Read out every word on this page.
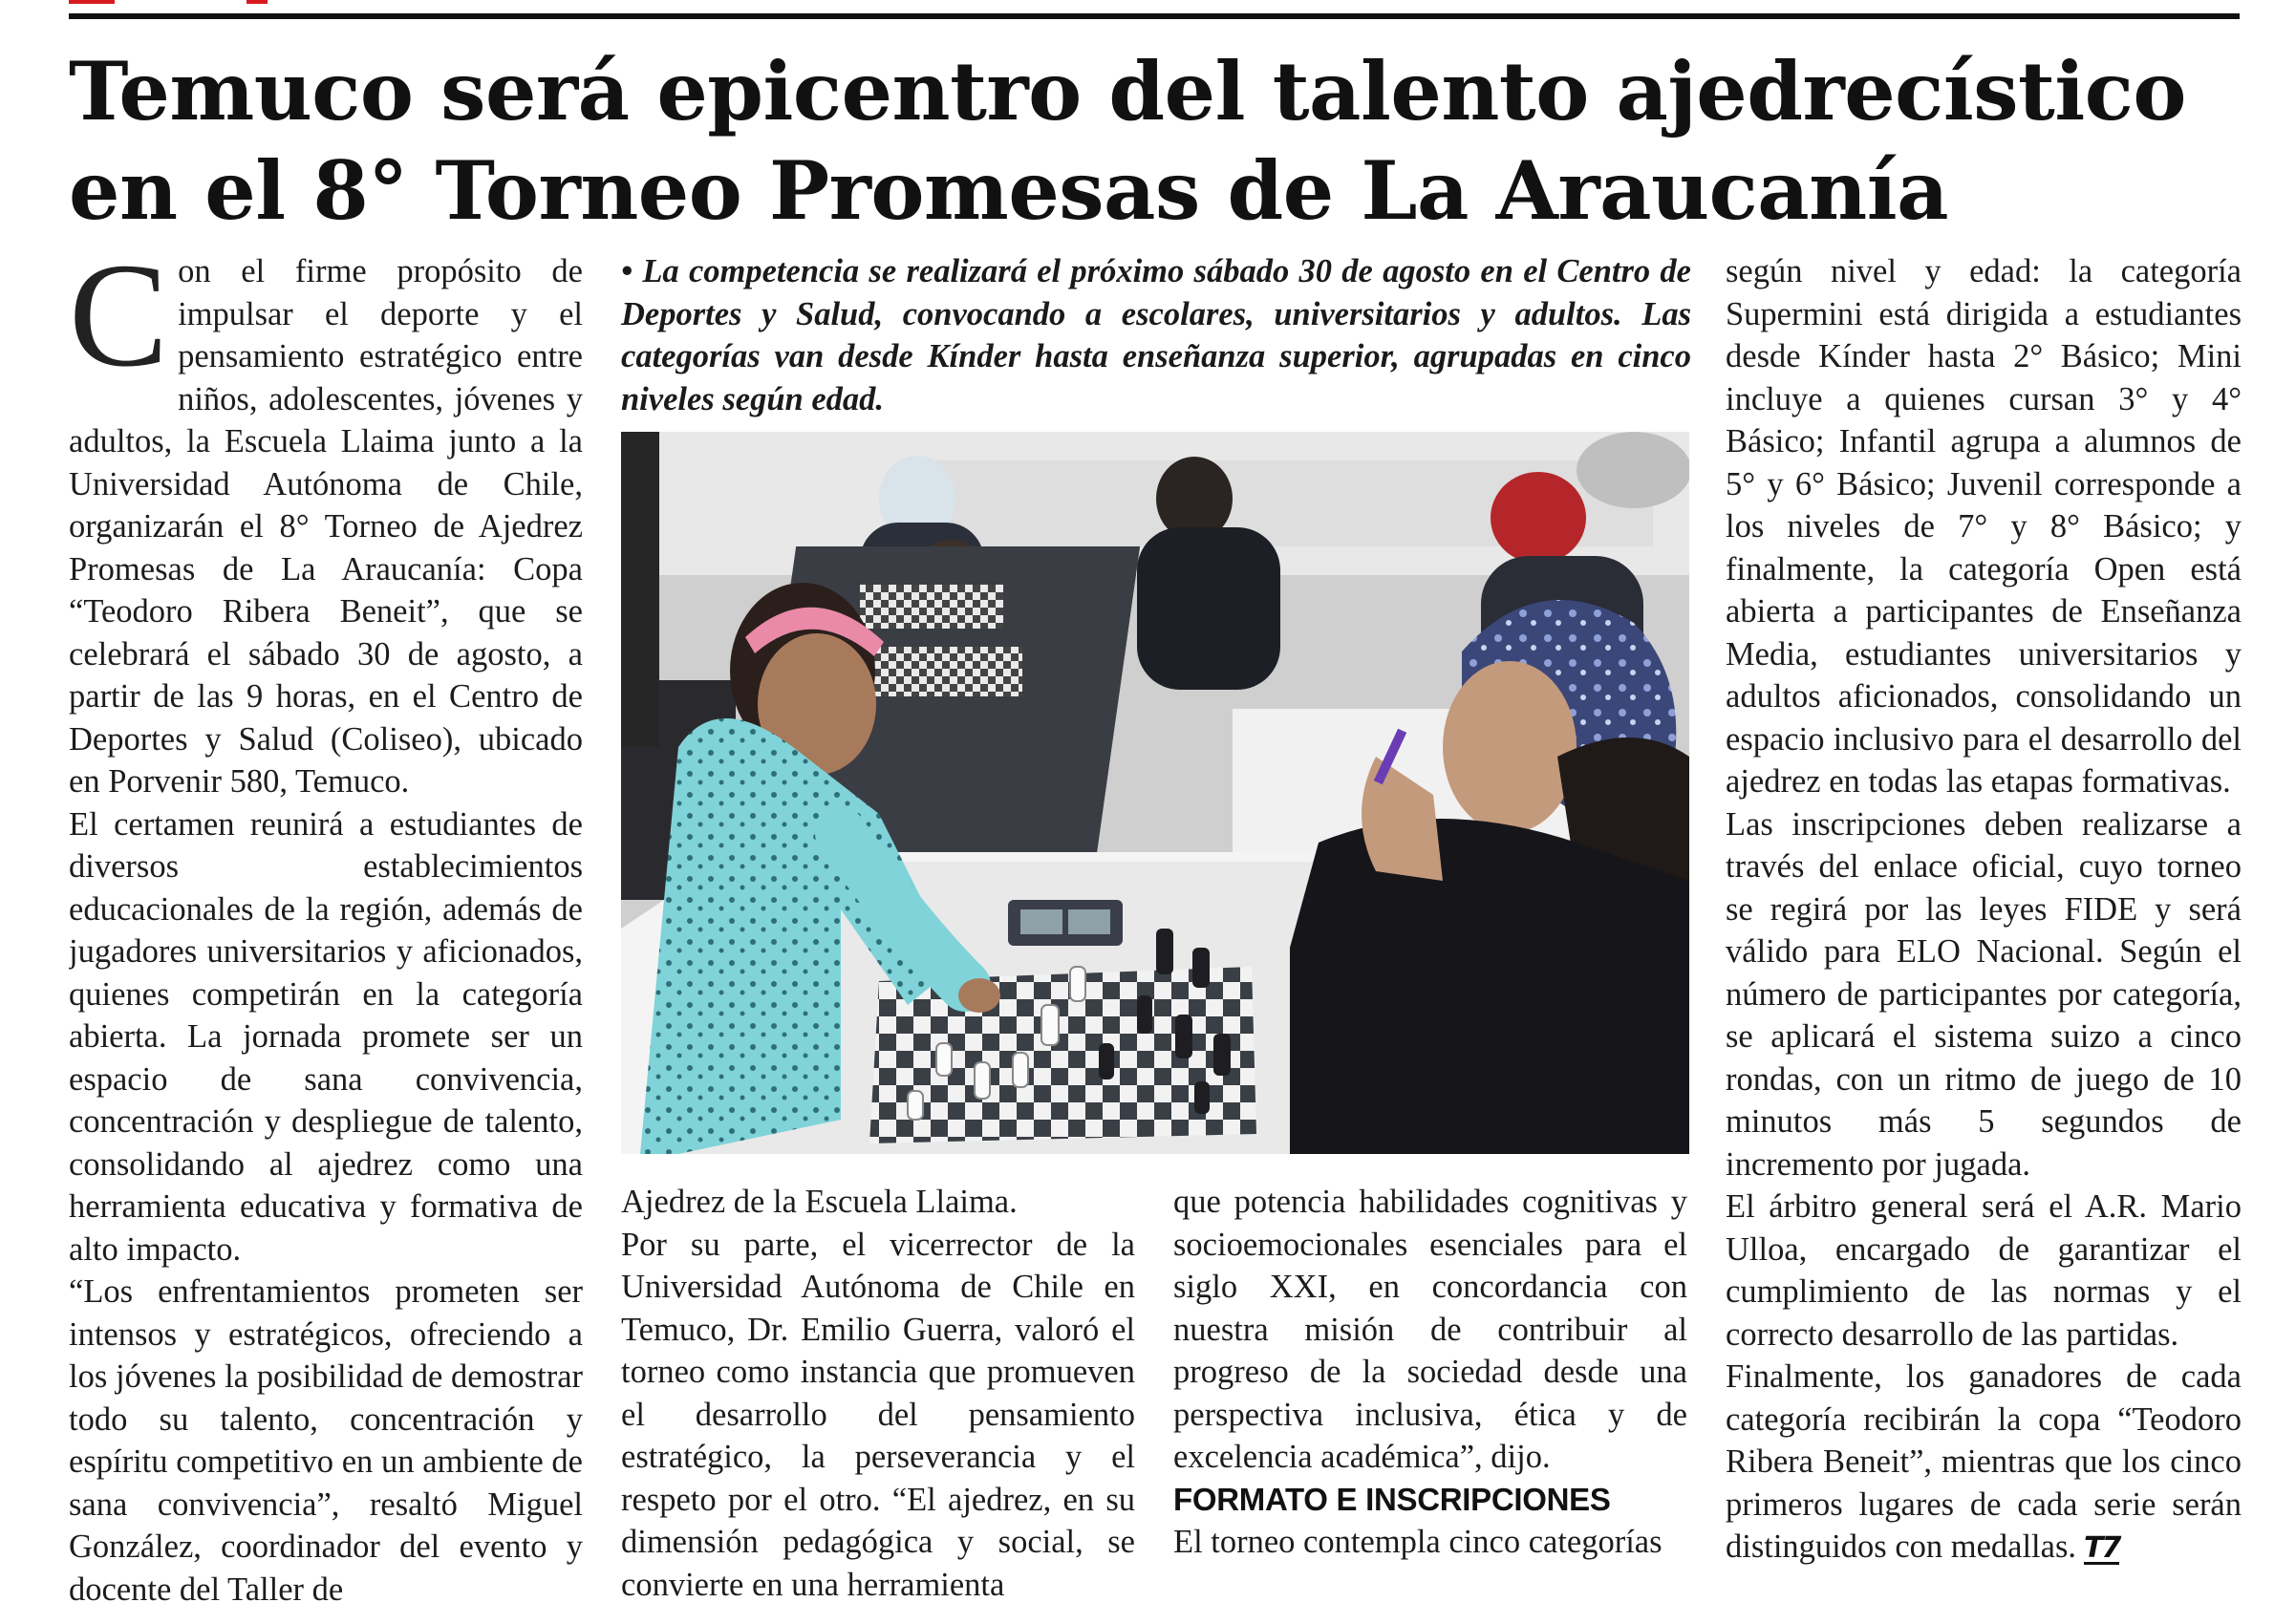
Temuco será epicentro del talento ajedrecístico
en el 8° Torneo Promesas de La Araucanía

Con el firme propósito de impulsar el deporte y el pensamiento estratégico entre niños, adolescentes, jóvenes y adultos, la Escuela Llaima junto a la Universidad Autónoma de Chile, organizarán el 8° Torneo de Ajedrez Promesas de La Araucanía: Copa “Teodoro Ribera Beneit”, que se celebrará el sábado 30 de agosto, a partir de las 9 horas, en el Centro de Deportes y Salud (Coliseo), ubicado en Porvenir 580, Temuco.

El certamen reunirá a estudiantes de diversos establecimientos educacionales de la región, además de jugadores universitarios y aficionados, quienes competirán en la categoría abierta. La jornada promete ser un espacio de sana convivencia, concentración y despliegue de talento, consolidando al ajedrez como una herramienta educativa y formativa de alto impacto.

“Los enfrentamientos prometen ser intensos y estratégicos, ofreciendo a los jóvenes la posibilidad de demostrar todo su talento, concentración y espíritu competitivo en un ambiente de sana convivencia”, resaltó Miguel González, coordinador del evento y docente del Taller de

• La competencia se realizará el próximo sábado 30 de agosto en el Centro de Deportes y Salud, convocando a escolares, universitarios y adultos. Las categorías van desde Kínder hasta enseñanza superior, agrupadas en cinco niveles según edad.

Ajedrez de la Escuela Llaima.

Por su parte, el vicerrector de la Universidad Autónoma de Chile en Temuco, Dr. Emilio Guerra, valoró el torneo como instancia que promueven el desarrollo del pensamiento estratégico, la perseverancia y el respeto por el otro. “El ajedrez, en su dimensión pedagógica y social, se convierte en una herramienta

que potencia habilidades cognitivas y socioemocionales esenciales para el siglo XXI, en concordancia con nuestra misión de contribuir al progreso de la sociedad desde una perspectiva inclusiva, ética y de excelencia académica”, dijo.

FORMATO E INSCRIPCIONES

El torneo contempla cinco categorías

según nivel y edad: la categoría Supermini está dirigida a estudiantes desde Kínder hasta 2° Básico; Mini incluye a quienes cursan 3° y 4° Básico; Infantil agrupa a alumnos de 5° y 6° Básico; Juvenil corresponde a los niveles de 7° y 8° Básico; y finalmente, la categoría Open está abierta a participantes de Enseñanza Media, estudiantes universitarios y adultos aficionados, consolidando un espacio inclusivo para el desarrollo del ajedrez en todas las etapas formativas.

Las inscripciones deben realizarse a través del enlace oficial, cuyo torneo se regirá por las leyes FIDE y será válido para ELO Nacional. Según el número de participantes por categoría, se aplicará el sistema suizo a cinco rondas, con un ritmo de juego de 10 minutos más 5 segundos de incremento por jugada.

El árbitro general será el A.R. Mario Ulloa, encargado de garantizar el cumplimiento de las normas y el correcto desarrollo de las partidas.

Finalmente, los ganadores de cada categoría recibirán la copa “Teodoro Ribera Beneit”, mientras que los cinco primeros lugares de cada serie serán distinguidos con medallas. T7
